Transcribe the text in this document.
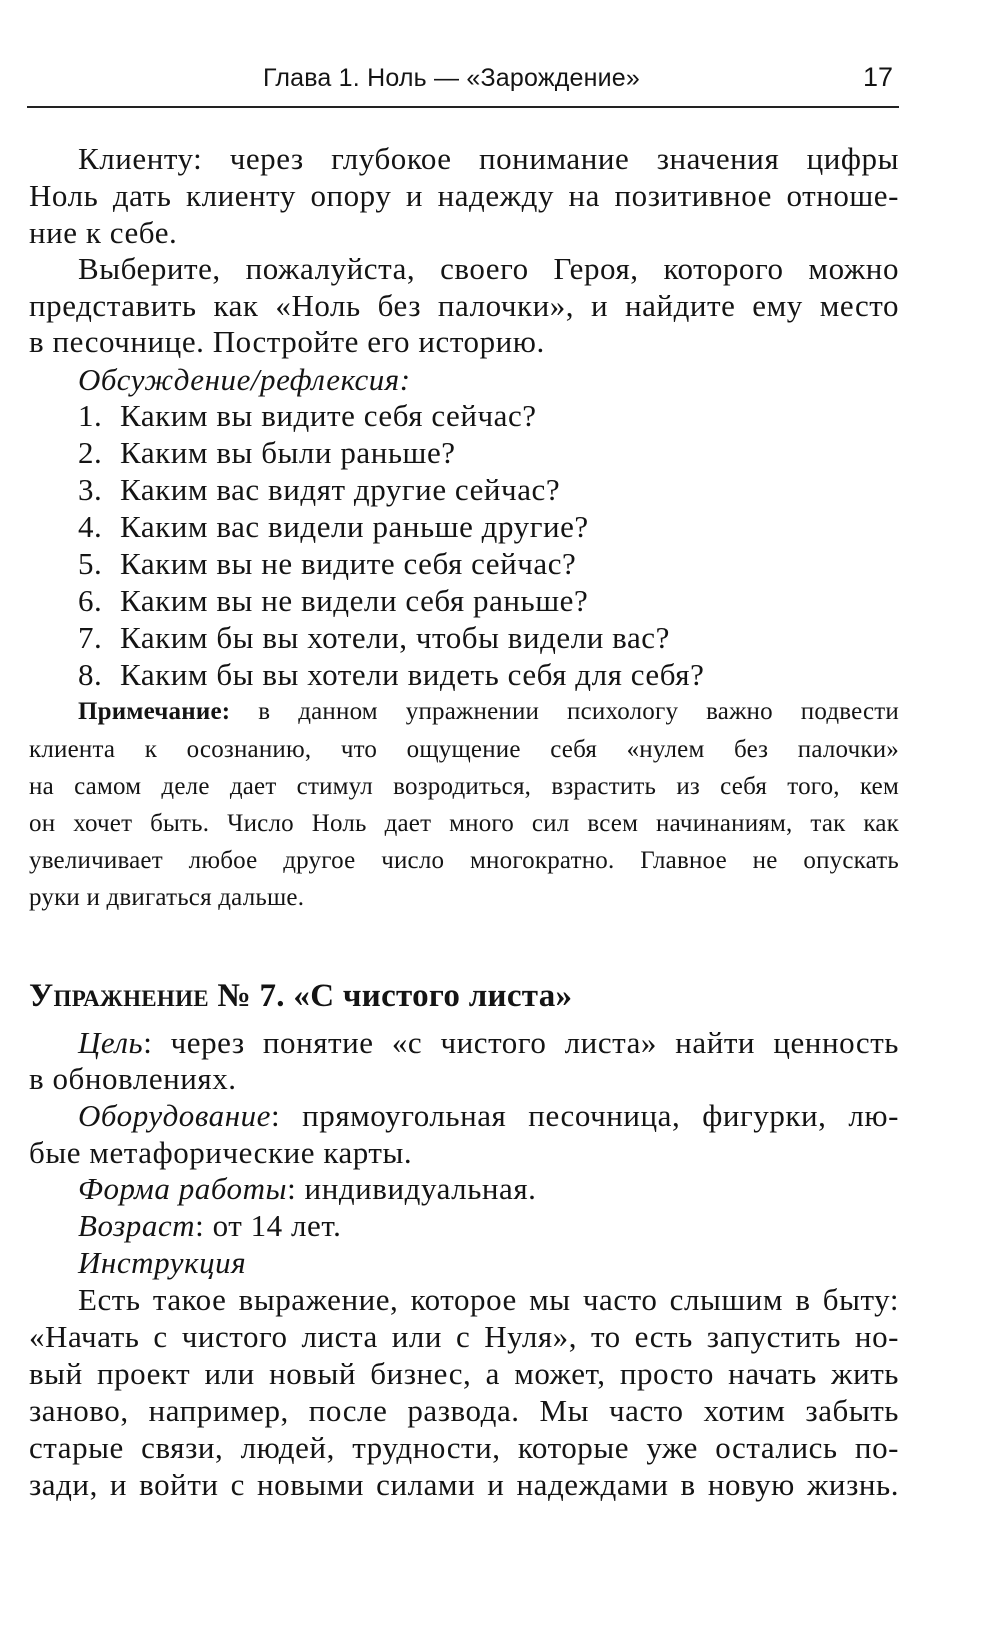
Глава 1. Ноль — «Зарождение»	17
Клиенту: через глубокое понимание значения цифры
Ноль дать клиенту опору и надежду на позитивное отноше-
ние к себе.
Выберите, пожалуйста, своего Героя, которого можно
представить как «Ноль без палочки», и найдите ему место
в песочнице. Постройте его историю.
Обсуждение/рефлексия:
1. Каким вы видите себя сейчас?
2. Каким вы были раньше?
3. Каким вас видят другие сейчас?
4. Каким вас видели раньше другие?
5. Каким вы не видите себя сейчас?
6. Каким вы не видели себя раньше?
7. Каким бы вы хотели, чтобы видели вас?
8. Каким бы вы хотели видеть себя для себя?
Примечание: в данном упражнении психологу важно подвести
клиента к осознанию, что ощущение себя «нулем без палочки»
на самом деле дает стимул возродиться, взрастить из себя того, кем
он хочет быть. Число Ноль дает много сил всем начинаниям, так как
увеличивает любое другое число многократно. Главное не опускать
руки и двигаться дальше.
Упражнение № 7. «С чистого листа»
Цель: через понятие «с чистого листа» найти ценность
в обновлениях.
Оборудование: прямоугольная песочница, фигурки, лю-
бые метафорические карты.
Форма работы: индивидуальная.
Возраст: от 14 лет.
Инструкция
Есть такое выражение, которое мы часто слышим в быту:
«Начать с чистого листа или с Нуля», то есть запустить но-
вый проект или новый бизнес, а может, просто начать жить
заново, например, после развода. Мы часто хотим забыть
старые связи, людей, трудности, которые уже остались по-
зади, и войти с новыми силами и надеждами в новую жизнь.
